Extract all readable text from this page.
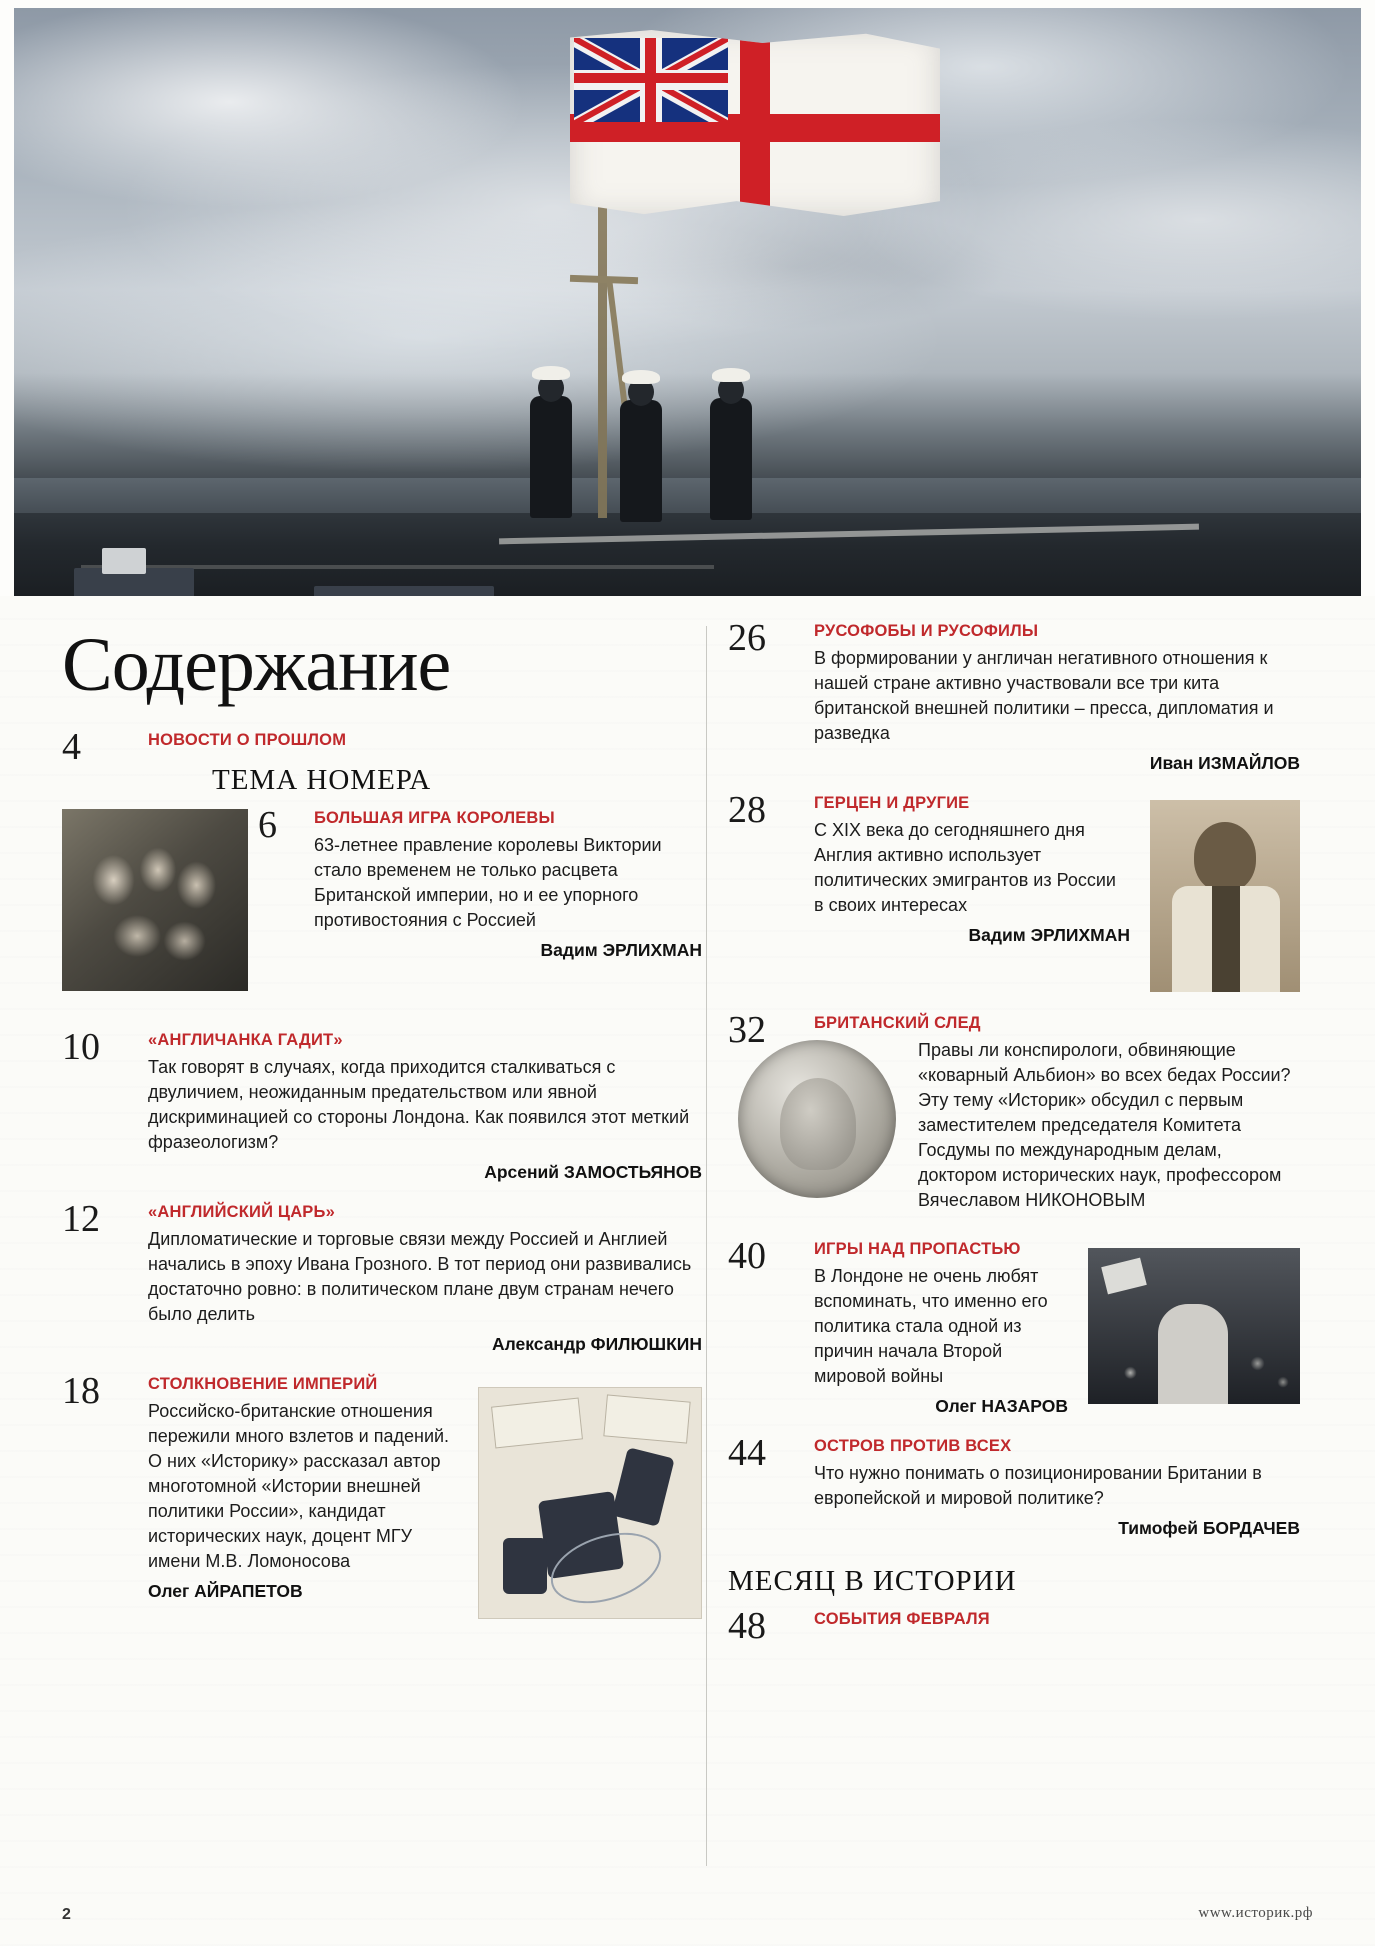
Содержание
4	НОВОСТИ О ПРОШЛОМ
ТЕМА НОМЕРА
6	БОЛЬШАЯ ИГРА КОРОЛЕВЫ

63-летнее правление королевы Виктории стало временем не только расцвета Британской империи, но и ее упорного противостояния с Россией

Вадим ЭРЛИХМАН
10	«АНГЛИЧАНКА ГАДИТ»

Так говорят в случаях, когда приходится сталкиваться с двуличием, неожиданным предательством или явной дискриминацией со стороны Лондона. Как появился этот меткий фразеологизм?

Арсений ЗАМОСТЬЯНОВ
12	«АНГЛИЙСКИЙ ЦАРЬ»

Дипломатические и торговые связи между Россией и Англией начались в эпоху Ивана Грозного. В тот период они развивались достаточно ровно: в политическом плане двум странам нечего было делить

Александр ФИЛЮШКИН
18	СТОЛКНОВЕНИЕ ИМПЕРИЙ

Российско-британские отношения пережили много взлетов и падений. О них «Историку» рассказал автор многотомной «Истории внешней политики России», кандидат исторических наук, доцент МГУ имени М.В. Ломоносова

Олег АЙРАПЕТОВ
26	РУСОФОБЫ И РУСОФИЛЫ

В формировании у англичан негативного отношения к нашей стране активно участвовали все три кита британской внешней политики – пресса, дипломатия и разведка

Иван ИЗМАЙЛОВ
28	ГЕРЦЕН И ДРУГИЕ

С XIX века до сегодняшнего дня Англия активно использует политических эмигрантов из России в своих интересах

Вадим ЭРЛИХМАН
32	БРИТАНСКИЙ СЛЕД

Правы ли конспирологи, обвиняющие «коварный Альбион» во всех бедах России? Эту тему «Историк» обсудил с первым заместителем председателя Комитета Госдумы по международным делам, доктором исторических наук, профессором Вячеславом НИКОНОВЫМ

40	ИГРЫ НАД ПРОПАСТЬЮ

В Лондоне не очень любят вспоминать, что именно его политика стала одной из причин начала Второй мировой войны

Олег НАЗАРОВ
44	ОСТРОВ ПРОТИВ ВСЕХ

Что нужно понимать о позиционировании Британии в европейской и мировой политике?

Тимофей БОРДАЧЕВ
МЕСЯЦ В ИСТОРИИ
48	СОБЫТИЯ ФЕВРАЛЯ
2	www.историк.рф
